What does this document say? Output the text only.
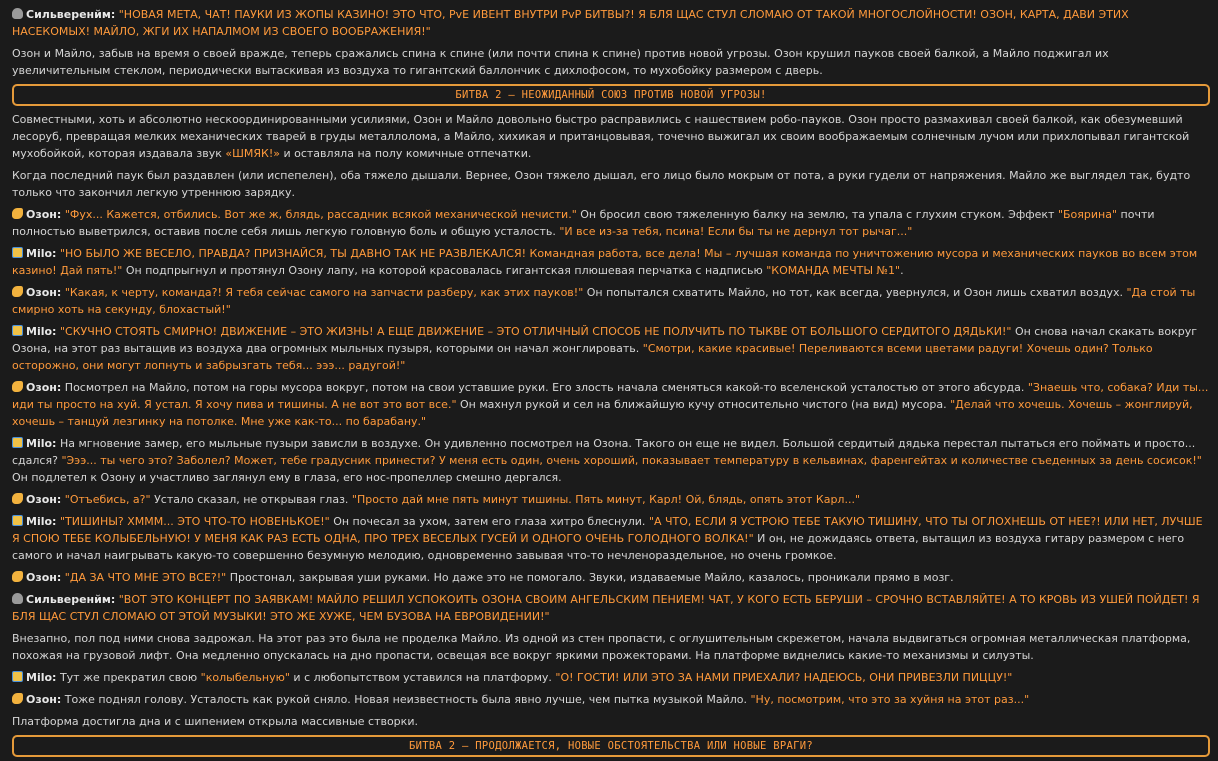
Сильверенйм: "НОВАЯ МЕТА, ЧАТ! ПАУКИ ИЗ ЖОПЫ КАЗИНО! ЭТО ЧТО, PvE ИВЕНТ ВНУТРИ PvP БИТВЫ?! Я БЛЯ ЩАС СТУЛ СЛОМАЮ ОТ ТАКОЙ МНОГОСЛОЙНОСТИ! ОЗОН, КАРТА, ДАВИ ЭТИХ НАСЕКОМЫХ! МАЙЛО, ЖГИ ИХ НАПАЛМОМ ИЗ СВОЕГО ВООБРАЖЕНИЯ!"

Озон и Майло, забыв на время о своей вражде, теперь сражались спина к спине (или почти спина к спине) против новой угрозы. Озон крушил пауков своей балкой, а Майло поджигал их увеличительным стеклом, периодически вытаскивая из воздуха то гигантский баллончик с дихлофосом, то мухобойку размером с дверь.

БИТВА 2 – НЕОЖИДАННЫЙ СОЮЗ ПРОТИВ НОВОЙ УГРОЗЫ!

Совместными, хоть и абсолютно нескоординированными усилиями, Озон и Майло довольно быстро расправились с нашествием робо-пауков. Озон просто размахивал своей балкой, как обезумевший лесоруб, превращая мелких механических тварей в груды металлолома, а Майло, хихикая и пританцовывая, точечно выжигал их своим воображаемым солнечным лучом или прихлопывал гигантской мухобойкой, которая издавала звук «ШМЯК!» и оставляла на полу комичные отпечатки.

Когда последний паук был раздавлен (или испепелен), оба тяжело дышали. Вернее, Озон тяжело дышал, его лицо было мокрым от пота, а руки гудели от напряжения. Майло же выглядел так, будто только что закончил легкую утреннюю зарядку.

Озон: "Фух... Кажется, отбились. Вот же ж, блядь, рассадник всякой механической нечисти." Он бросил свою тяжеленную балку на землю, та упала с глухим стуком. Эффект "Боярина" почти полностью выветрился, оставив после себя лишь легкую головную боль и общую усталость. "И все из-за тебя, псина! Если бы ты не дернул тот рычаг..."

Milo: "НО БЫЛО ЖЕ ВЕСЕЛО, ПРАВДА? ПРИЗНАЙСЯ, ТЫ ДАВНО ТАК НЕ РАЗВЛЕКАЛСЯ! Командная работа, все дела! Мы – лучшая команда по уничтожению мусора и механических пауков во всем этом казино! Дай пять!" Он подпрыгнул и протянул Озону лапу, на которой красовалась гигантская плюшевая перчатка с надписью "КОМАНДА МЕЧТЫ №1".

Озон: "Какая, к черту, команда?! Я тебя сейчас самого на запчасти разберу, как этих пауков!" Он попытался схватить Майло, но тот, как всегда, увернулся, и Озон лишь схватил воздух. "Да стой ты смирно хоть на секунду, блохастый!"

Milo: "СКУЧНО СТОЯТЬ СМИРНО! ДВИЖЕНИЕ – ЭТО ЖИЗНЬ! А ЕЩЕ ДВИЖЕНИЕ – ЭТО ОТЛИЧНЫЙ СПОСОБ НЕ ПОЛУЧИТЬ ПО ТЫКВЕ ОТ БОЛЬШОГО СЕРДИТОГО ДЯДЬКИ!" Он снова начал скакать вокруг Озона, на этот раз вытащив из воздуха два огромных мыльных пузыря, которыми он начал жонглировать. "Смотри, какие красивые! Переливаются всеми цветами радуги! Хочешь один? Только осторожно, они могут лопнуть и забрызгать тебя... эээ... радугой!"

Озон: Посмотрел на Майло, потом на горы мусора вокруг, потом на свои уставшие руки. Его злость начала сменяться какой-то вселенской усталостью от этого абсурда. "Знаешь что, собака? Иди ты... иди ты просто на хуй. Я устал. Я хочу пива и тишины. А не вот это вот все." Он махнул рукой и сел на ближайшую кучу относительно чистого (на вид) мусора. "Делай что хочешь. Хочешь – жонглируй, хочешь – танцуй лезгинку на потолке. Мне уже как-то... по барабану."

Milo: На мгновение замер, его мыльные пузыри зависли в воздухе. Он удивленно посмотрел на Озона. Такого он еще не видел. Большой сердитый дядька перестал пытаться его поймать и просто... сдался? "Эээ... ты чего это? Заболел? Может, тебе градусник принести? У меня есть один, очень хороший, показывает температуру в кельвинах, фаренгейтах и количестве съеденных за день сосисок!" Он подлетел к Озону и участливо заглянул ему в глаза, его нос-пропеллер смешно дергался.

Озон: "Отъебись, а?" Устало сказал, не открывая глаз. "Просто дай мне пять минут тишины. Пять минут, Карл! Ой, блядь, опять этот Карл..."

Milo: "ТИШИНЫ? ХМММ... ЭТО ЧТО-ТО НОВЕНЬКОЕ!" Он почесал за ухом, затем его глаза хитро блеснули. "А ЧТО, ЕСЛИ Я УСТРОЮ ТЕБЕ ТАКУЮ ТИШИНУ, ЧТО ТЫ ОГЛОХНЕШЬ ОТ НЕЕ?! ИЛИ НЕТ, ЛУЧШЕ Я СПОЮ ТЕБЕ КОЛЫБЕЛЬНУЮ! У МЕНЯ КАК РАЗ ЕСТЬ ОДНА, ПРО ТРЕХ ВЕСЕЛЫХ ГУСЕЙ И ОДНОГО ОЧЕНЬ ГОЛОДНОГО ВОЛКА!" И он, не дожидаясь ответа, вытащил из воздуха гитару размером с него самого и начал наигрывать какую-то совершенно безумную мелодию, одновременно завывая что-то нечленораздельное, но очень громкое.

Озон: "ДА ЗА ЧТО МНЕ ЭТО ВСЕ?!" Простонал, закрывая уши руками. Но даже это не помогало. Звуки, издаваемые Майло, казалось, проникали прямо в мозг.

Сильверенйм: "ВОТ ЭТО КОНЦЕРТ ПО ЗАЯВКАМ! МАЙЛО РЕШИЛ УСПОКОИТЬ ОЗОНА СВОИМ АНГЕЛЬСКИМ ПЕНИЕМ! ЧАТ, У КОГО ЕСТЬ БЕРУШИ – СРОЧНО ВСТАВЛЯЙТЕ! А ТО КРОВЬ ИЗ УШЕЙ ПОЙДЕТ! Я БЛЯ ЩАС СТУЛ СЛОМАЮ ОТ ЭТОЙ МУЗЫКИ! ЭТО ЖЕ ХУЖЕ, ЧЕМ БУЗОВА НА ЕВРОВИДЕНИИ!"

Внезапно, пол под ними снова задрожал. На этот раз это была не проделка Майло. Из одной из стен пропасти, с оглушительным скрежетом, начала выдвигаться огромная металлическая платформа, похожая на грузовой лифт. Она медленно опускалась на дно пропасти, освещая все вокруг яркими прожекторами. На платформе виднелись какие-то механизмы и силуэты.

Milo: Тут же прекратил свою "колыбельную" и с любопытством уставился на платформу. "О! ГОСТИ! ИЛИ ЭТО ЗА НАМИ ПРИЕХАЛИ? НАДЕЮСЬ, ОНИ ПРИВЕЗЛИ ПИЦЦУ!"

Озон: Тоже поднял голову. Усталость как рукой сняло. Новая неизвестность была явно лучше, чем пытка музыкой Майло. "Ну, посмотрим, что это за хуйня на этот раз..."

Платформа достигла дна и с шипением открыла массивные створки.

БИТВА 2 – ПРОДОЛЖАЕТСЯ, НОВЫЕ ОБСТОЯТЕЛЬСТВА ИЛИ НОВЫЕ ВРАГИ?
